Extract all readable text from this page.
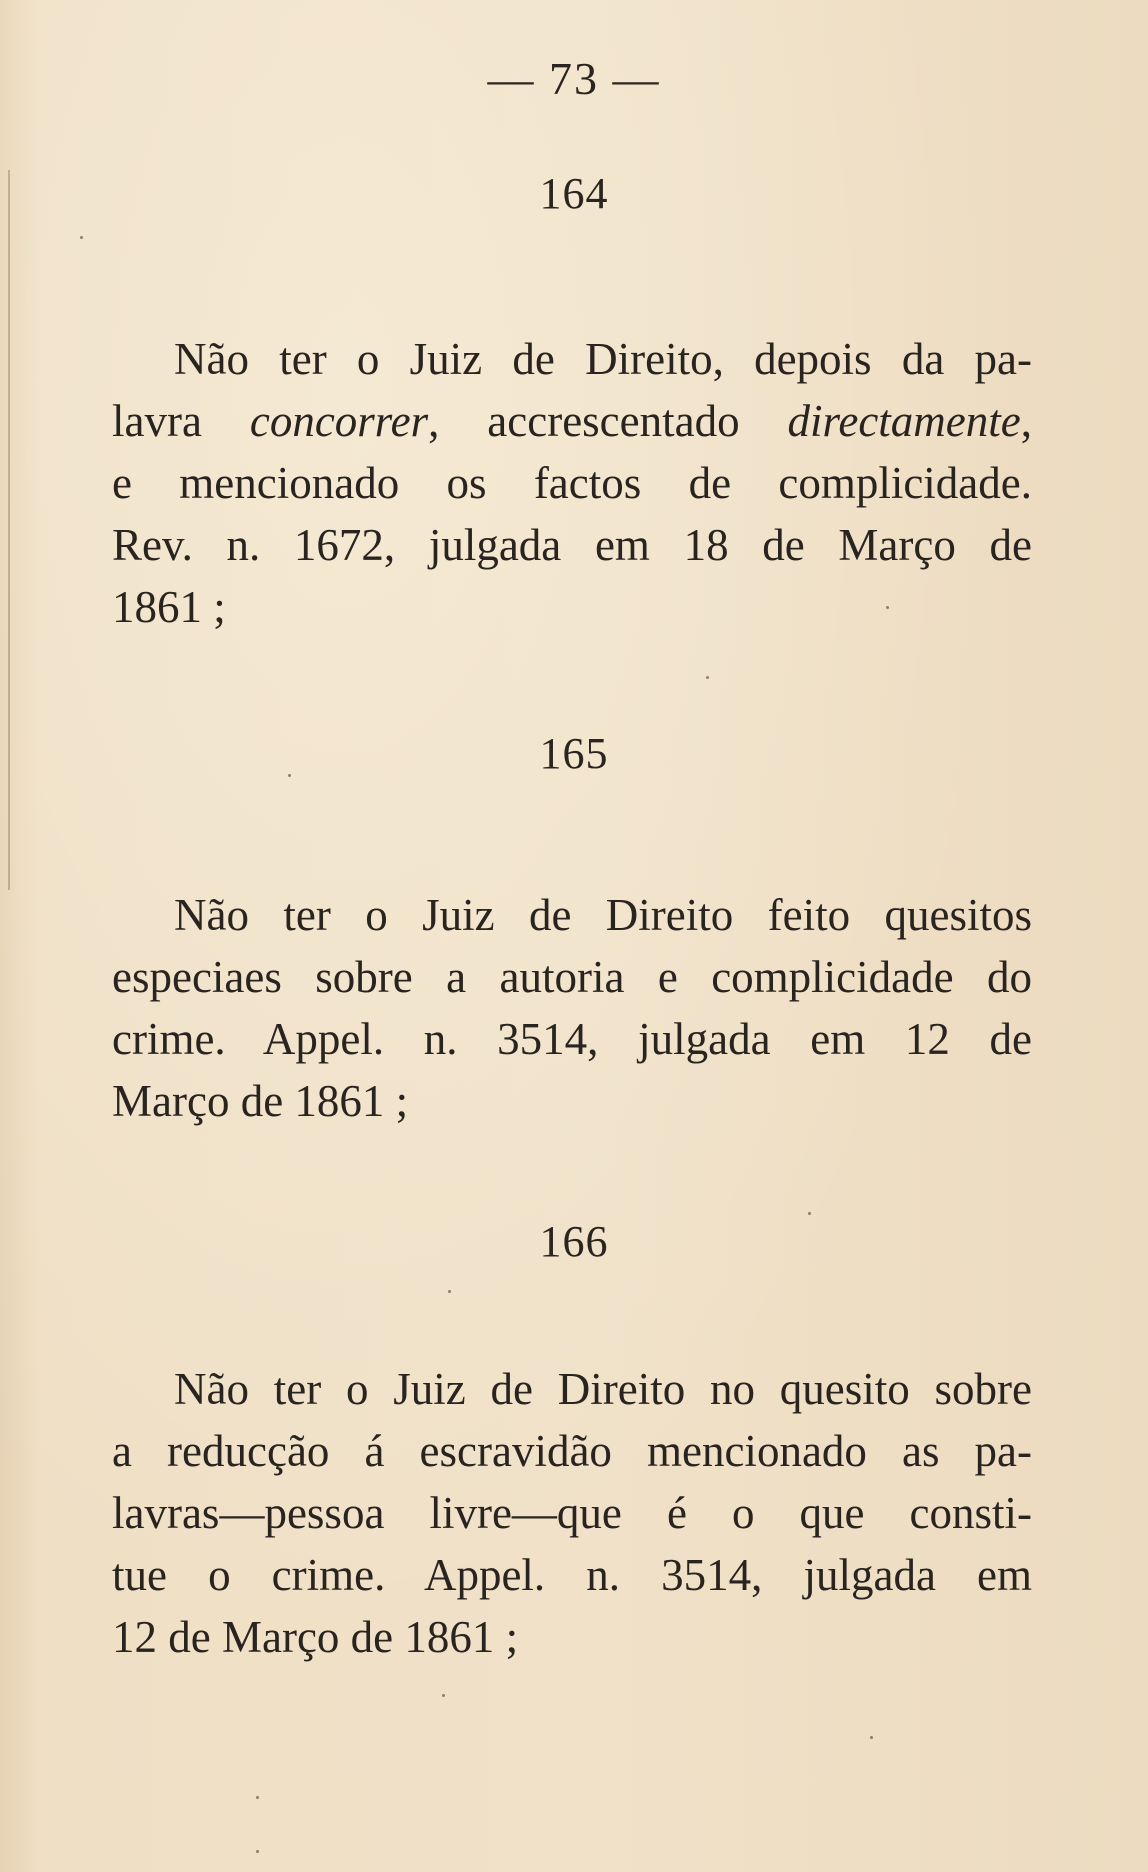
— 73 —
164
Não ter o Juiz de Direito, depois da pa-
lavra concorrer, accrescentado directamente,
e mencionado os factos de complicidade.
Rev. n. 1672, julgada em 18 de Março de
1861 ;
165
Não ter o Juiz de Direito feito quesitos
especiaes sobre a autoria e complicidade do
crime. Appel. n. 3514, julgada em 12 de
Março de 1861 ;
166
Não ter o Juiz de Direito no quesito sobre
a reducção á escravidão mencionado as pa-
lavras—pessoa livre—que é o que consti-
tue o crime. Appel. n. 3514, julgada em
12 de Março de 1861 ;
